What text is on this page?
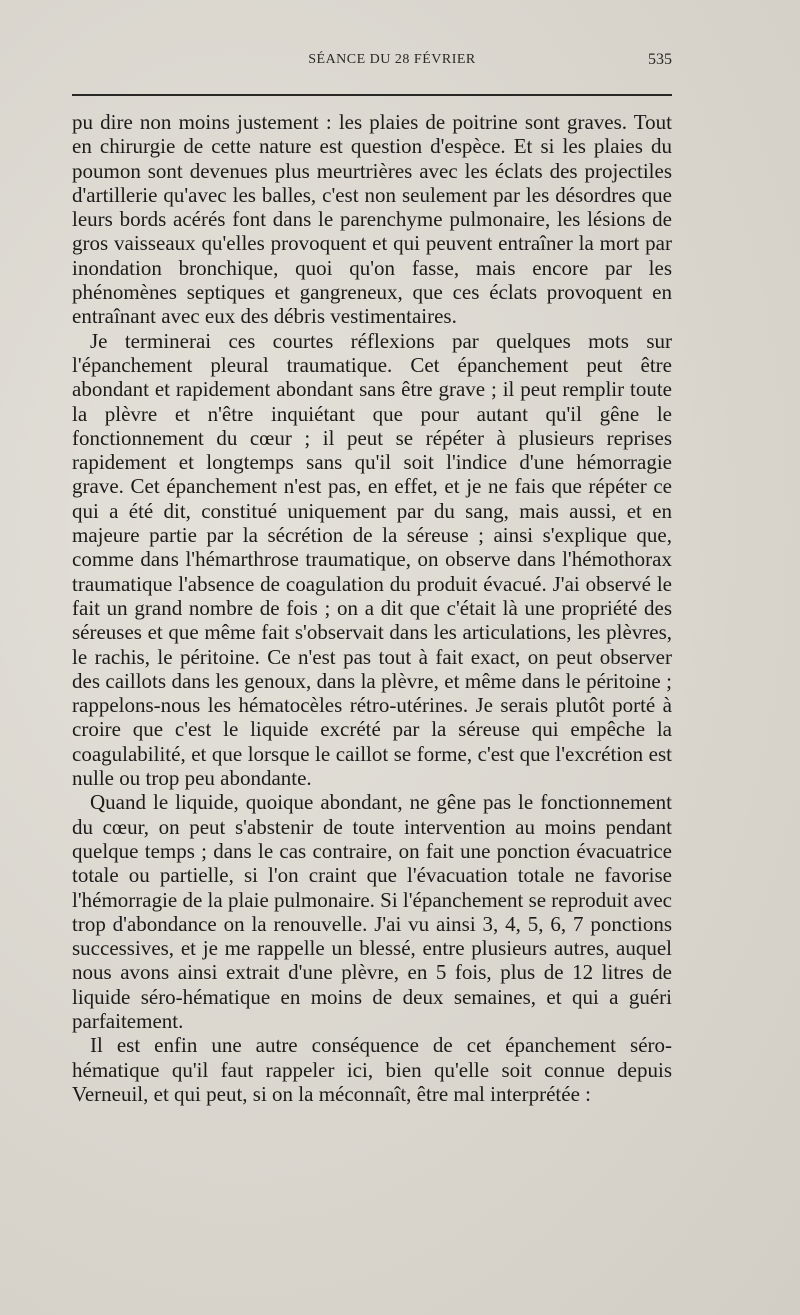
SÉANCE DU 28 FÉVRIER	535

pu dire non moins justement : les plaies de poitrine sont graves. Tout en chirurgie de cette nature est question d'espèce. Et si les plaies du poumon sont devenues plus meurtrières avec les éclats des projectiles d'artillerie qu'avec les balles, c'est non seulement par les désordres que leurs bords acérés font dans le parenchyme pulmonaire, les lésions de gros vaisseaux qu'elles provoquent et qui peuvent entraîner la mort par inondation bronchique, quoi qu'on fasse, mais encore par les phénomènes septiques et gangreneux, que ces éclats provoquent en entraînant avec eux des débris vestimentaires.

Je terminerai ces courtes réflexions par quelques mots sur l'épanchement pleural traumatique. Cet épanchement peut être abondant et rapidement abondant sans être grave ; il peut remplir toute la plèvre et n'être inquiétant que pour autant qu'il gêne le fonctionnement du cœur ; il peut se répéter à plusieurs reprises rapidement et longtemps sans qu'il soit l'indice d'une hémorragie grave. Cet épanchement n'est pas, en effet, et je ne fais que répéter ce qui a été dit, constitué uniquement par du sang, mais aussi, et en majeure partie par la sécrétion de la séreuse ; ainsi s'explique que, comme dans l'hémarthrose traumatique, on observe dans l'hémothorax traumatique l'absence de coagulation du produit évacué. J'ai observé le fait un grand nombre de fois ; on a dit que c'était là une propriété des séreuses et que même fait s'observait dans les articulations, les plèvres, le rachis, le péritoine. Ce n'est pas tout à fait exact, on peut observer des caillots dans les genoux, dans la plèvre, et même dans le péritoine ; rappelons-nous les hématocèles rétro-utérines. Je serais plutôt porté à croire que c'est le liquide excrété par la séreuse qui empêche la coagulabilité, et que lorsque le caillot se forme, c'est que l'excrétion est nulle ou trop peu abondante.

Quand le liquide, quoique abondant, ne gêne pas le fonctionnement du cœur, on peut s'abstenir de toute intervention au moins pendant quelque temps ; dans le cas contraire, on fait une ponction évacuatrice totale ou partielle, si l'on craint que l'évacuation totale ne favorise l'hémorragie de la plaie pulmonaire. Si l'épanchement se reproduit avec trop d'abondance on la renouvelle. J'ai vu ainsi 3, 4, 5, 6, 7 ponctions successives, et je me rappelle un blessé, entre plusieurs autres, auquel nous avons ainsi extrait d'une plèvre, en 5 fois, plus de 12 litres de liquide séro-hématique en moins de deux semaines, et qui a guéri parfaitement.

Il est enfin une autre conséquence de cet épanchement séro-hématique qu'il faut rappeler ici, bien qu'elle soit connue depuis Verneuil, et qui peut, si on la méconnaît, être mal interprétée :
